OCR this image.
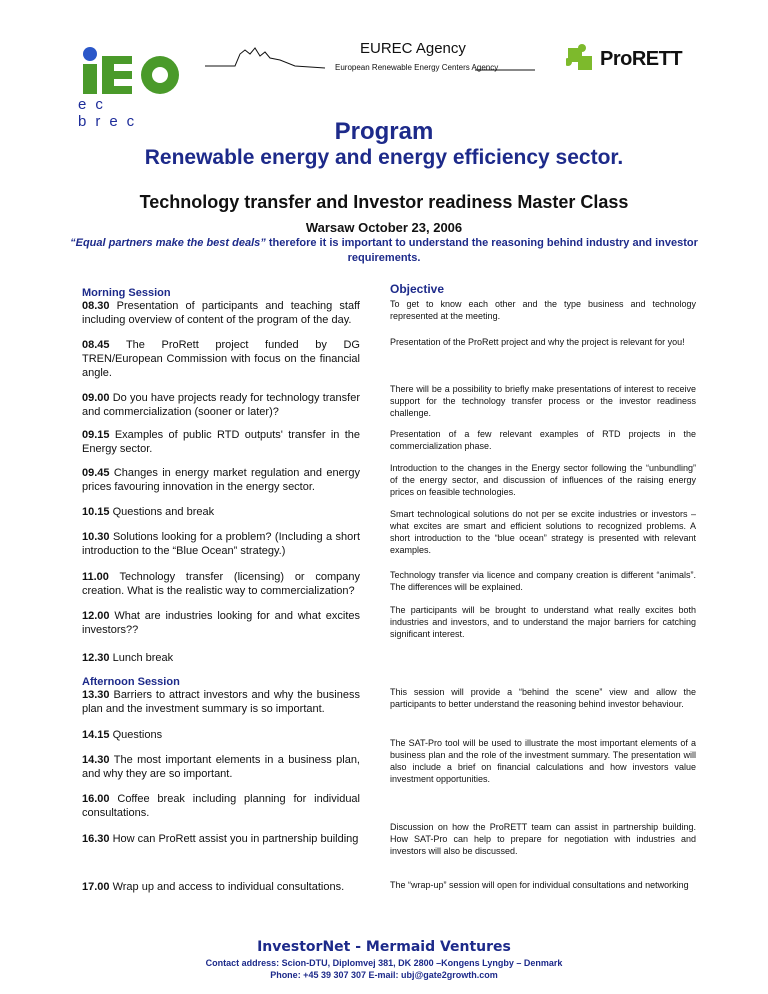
ec brec
EUREC Agency
European Renewable Energy Centers Agency	ProRETT
Program
Renewable energy and energy efficiency sector.
Technology transfer and Investor readiness Master Class
Warsaw October 23, 2006
“Equal partners make the best deals” therefore it is important to understand the reasoning behind industry and investor requirements.
Morning Session
08.30 Presentation of participants and teaching staff including overview of content of the program of the day.
08.45 The ProRett project funded by DG TREN/European Commission with focus on the financial angle.
09.00 Do you have projects ready for technology transfer and commercialization (sooner or later)?
09.15 Examples of public RTD outputs' transfer in the Energy sector.
09.45 Changes in energy market regulation and energy prices favouring innovation in the energy sector.
10.15 Questions and break
10.30 Solutions looking for a problem? (Including a short introduction to the “Blue Ocean” strategy.)
11.00 Technology transfer (licensing) or company creation. What is the realistic way to commercialization?
12.00 What are industries looking for and what excites investors??
12.30 Lunch break
Afternoon Session
13.30 Barriers to attract investors and why the business plan and the investment summary is so important.
14.15 Questions
14.30 The most important elements in a business plan, and why they are so important.
16.00 Coffee break including planning for individual consultations.
16.30 How can ProRett assist you in partnership building
17.00 Wrap up and access to individual consultations.
Objective
To get to know each other and the type business and technology represented at the meeting.
Presentation of the ProRett project and why the project is relevant for you!
There will be a possibility to briefly make presentations of interest to receive support for the technology transfer process or the investor readiness challenge.
Presentation of a few relevant examples of RTD projects in the commercialization phase.
Introduction to the changes in the Energy sector following the “unbundling” of the energy sector, and discussion of influences of the raising energy prices on feasible technologies.
Smart technological solutions do not per se excite industries or investors – what excites are smart and efficient solutions to recognized problems. A short introduction to the “blue ocean” strategy is presented with relevant examples.
Technology transfer via licence and company creation is different “animals”. The differences will be explained.
The participants will be brought to understand what really excites both industries and investors, and to understand the major barriers for catching significant interest.
This session will provide a “behind the scene” view and allow the participants to better understand the reasoning behind investor behaviour.
The SAT-Pro tool will be used to illustrate the most important elements of a business plan and the role of the investment summary. The presentation will also include a brief on financial calculations and how investors value investment opportunities.
Discussion on how the ProRETT team can assist in partnership building. How SAT-Pro can help to prepare for negotiation with industries and investors will also be discussed.
The “wrap-up” session will open for individual consultations and networking
InvestorNet - Mermaid Ventures
Contact address: Scion-DTU, Diplomvej 381, DK 2800 –Kongens Lyngby – Denmark
Phone: +45 39 307 307 E-mail: ubj@gate2growth.com
